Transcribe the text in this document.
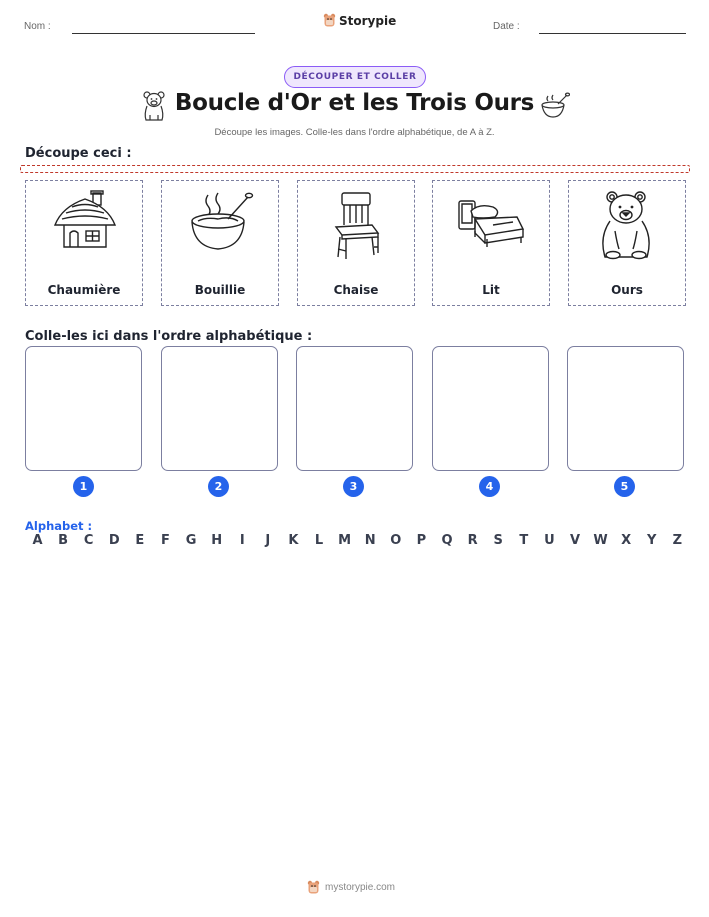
Nom :	Storypie	Date :
DÉCOUPER ET COLLER
Boucle d'Or et les Trois Ours
Découpe les images. Colle-les dans l'ordre alphabétique, de A à Z.
Découpe ceci :
Chaumière	Bouillie	Chaise	Lit	Ours
Colle-les ici dans l'ordre alphabétique :
1	2	3	4	5
Alphabet :
A	B	C	D	E	F	G	H	I	J	K	L	M	N	O	P	Q	R	S	T	U	V	W	X	Y	Z
mystorypie.com
